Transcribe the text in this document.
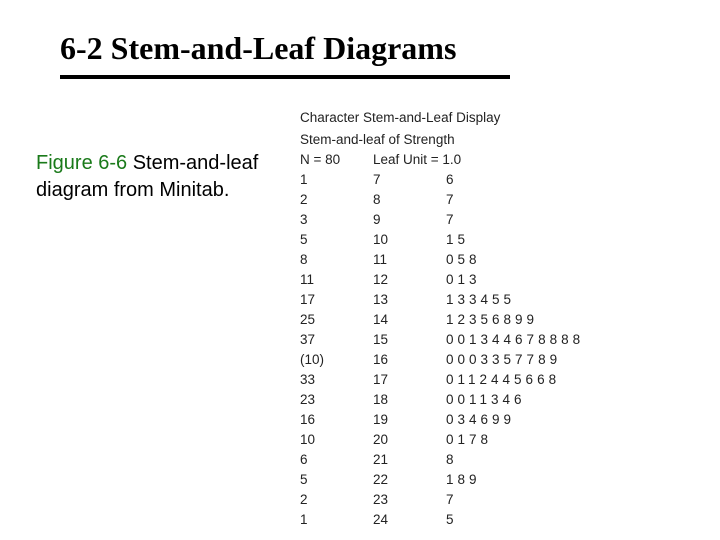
6-2 Stem-and-Leaf Diagrams
Figure 6-6 Stem-and-leaf diagram from Minitab.
Character Stem-and-Leaf Display
Stem-and-leaf of Strength
N = 80 Leaf Unit = 1.0
1	7	6
2	8	7
3	9	7
5	10	15
8	11	058
11	12	013
17	13	133455
25	14	12356899
37	15	001344678888
(10)	16	0003357789
33	17	0112445668
23	18	0011346
16	19	034699
10	20	0178
6	21	8
5	22	189
2	23	7
1	24	5
